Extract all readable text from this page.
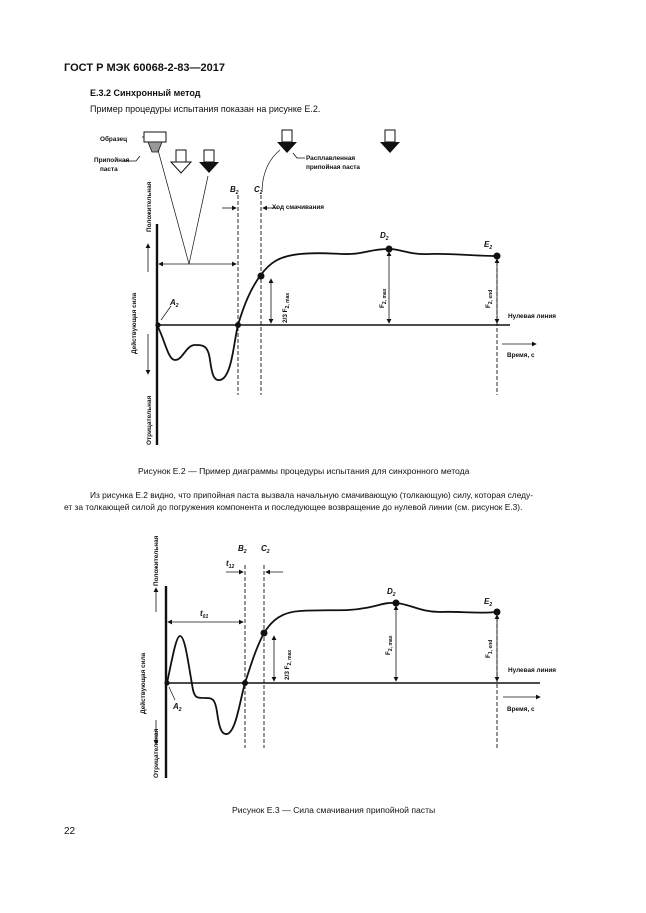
ГОСТ Р МЭК 60068-2-83—2017
E.3.2 Синхронный метод
Пример процедуры испытания показан на рисунке E.2.
Образец
Припойная
паста
Расплавленная
припойная паста
Положительная
Действующая сила
Отрицательная
$B_2$ $C_2$
Ход смачивания
$A_2$
$D_2$
$E_2$
2/3 $F_{2, max}$	$F_{2, max}$
$F_{2, end}$
Нулевая линия
Время, с
Рисунок E.2 — Пример диаграммы процедуры испытания для синхронного метода
Из рисунка E.2 видно, что припойная паста вызвала начальную смачивающую (толкающую) силу, которая следу-
ет за толкающей силой до погружения компонента и последующее возвращение до нулевой линии (см. рисунок E.3).
Положительная
Действующая сила
Отрицательная
$B_2$ $C_2$
$t_{12}$
$t_{01}$
$A_2$
$D_2$
$E_2$
2/3 $F_{2, max}$	$F_{2, max}$
$F_{1, end}$
Нулевая линия
Время, с
Рисунок E.3 — Сила смачивания припойной пасты
22
